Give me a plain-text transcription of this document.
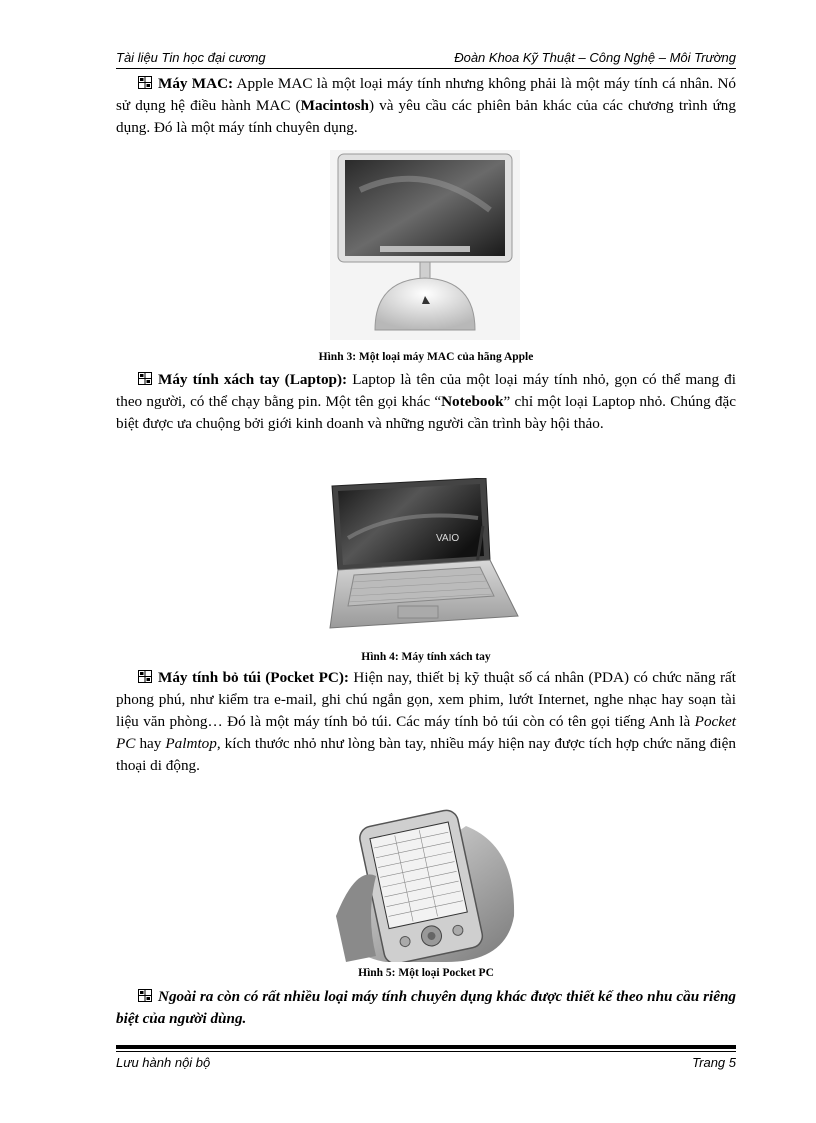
Tài liệu Tin học đại cương	Đoàn Khoa Kỹ Thuật – Công Nghệ – Môi Trường
Máy MAC: Apple MAC là một loại máy tính nhưng không phải là một máy tính cá nhân. Nó sử dụng hệ điều hành MAC (Macintosh) và yêu cầu các phiên bản khác của các chương trình ứng dụng. Đó là một máy tính chuyên dụng.
Hình 3: Một loại máy MAC của hãng Apple
Máy tính xách tay (Laptop): Laptop là tên của một loại máy tính nhỏ, gọn có thể mang đi theo người, có thể chạy bằng pin. Một tên gọi khác “Notebook” chỉ một loại Laptop nhỏ. Chúng đặc biệt được ưa chuộng bởi giới kinh doanh và những người cần trình bày hội thảo.
VAIO
Hình 4: Máy tính xách tay
Máy tính bỏ túi (Pocket PC): Hiện nay, thiết bị kỹ thuật số cá nhân (PDA) có chức năng rất phong phú, như kiểm tra e-mail, ghi chú ngắn gọn, xem phim, lướt Internet, nghe nhạc hay soạn tài liệu văn phòng… Đó là một máy tính bỏ túi. Các máy tính bỏ túi còn có tên gọi tiếng Anh là Pocket PC hay Palmtop, kích thước nhỏ như lòng bàn tay, nhiều máy hiện nay được tích hợp chức năng điện thoại di động.
Hình 5: Một loại Pocket PC
Ngoài ra còn có rất nhiều loại máy tính chuyên dụng khác được thiết kế theo nhu cầu riêng biệt của người dùng.
Lưu hành nội bộ	Trang 5
